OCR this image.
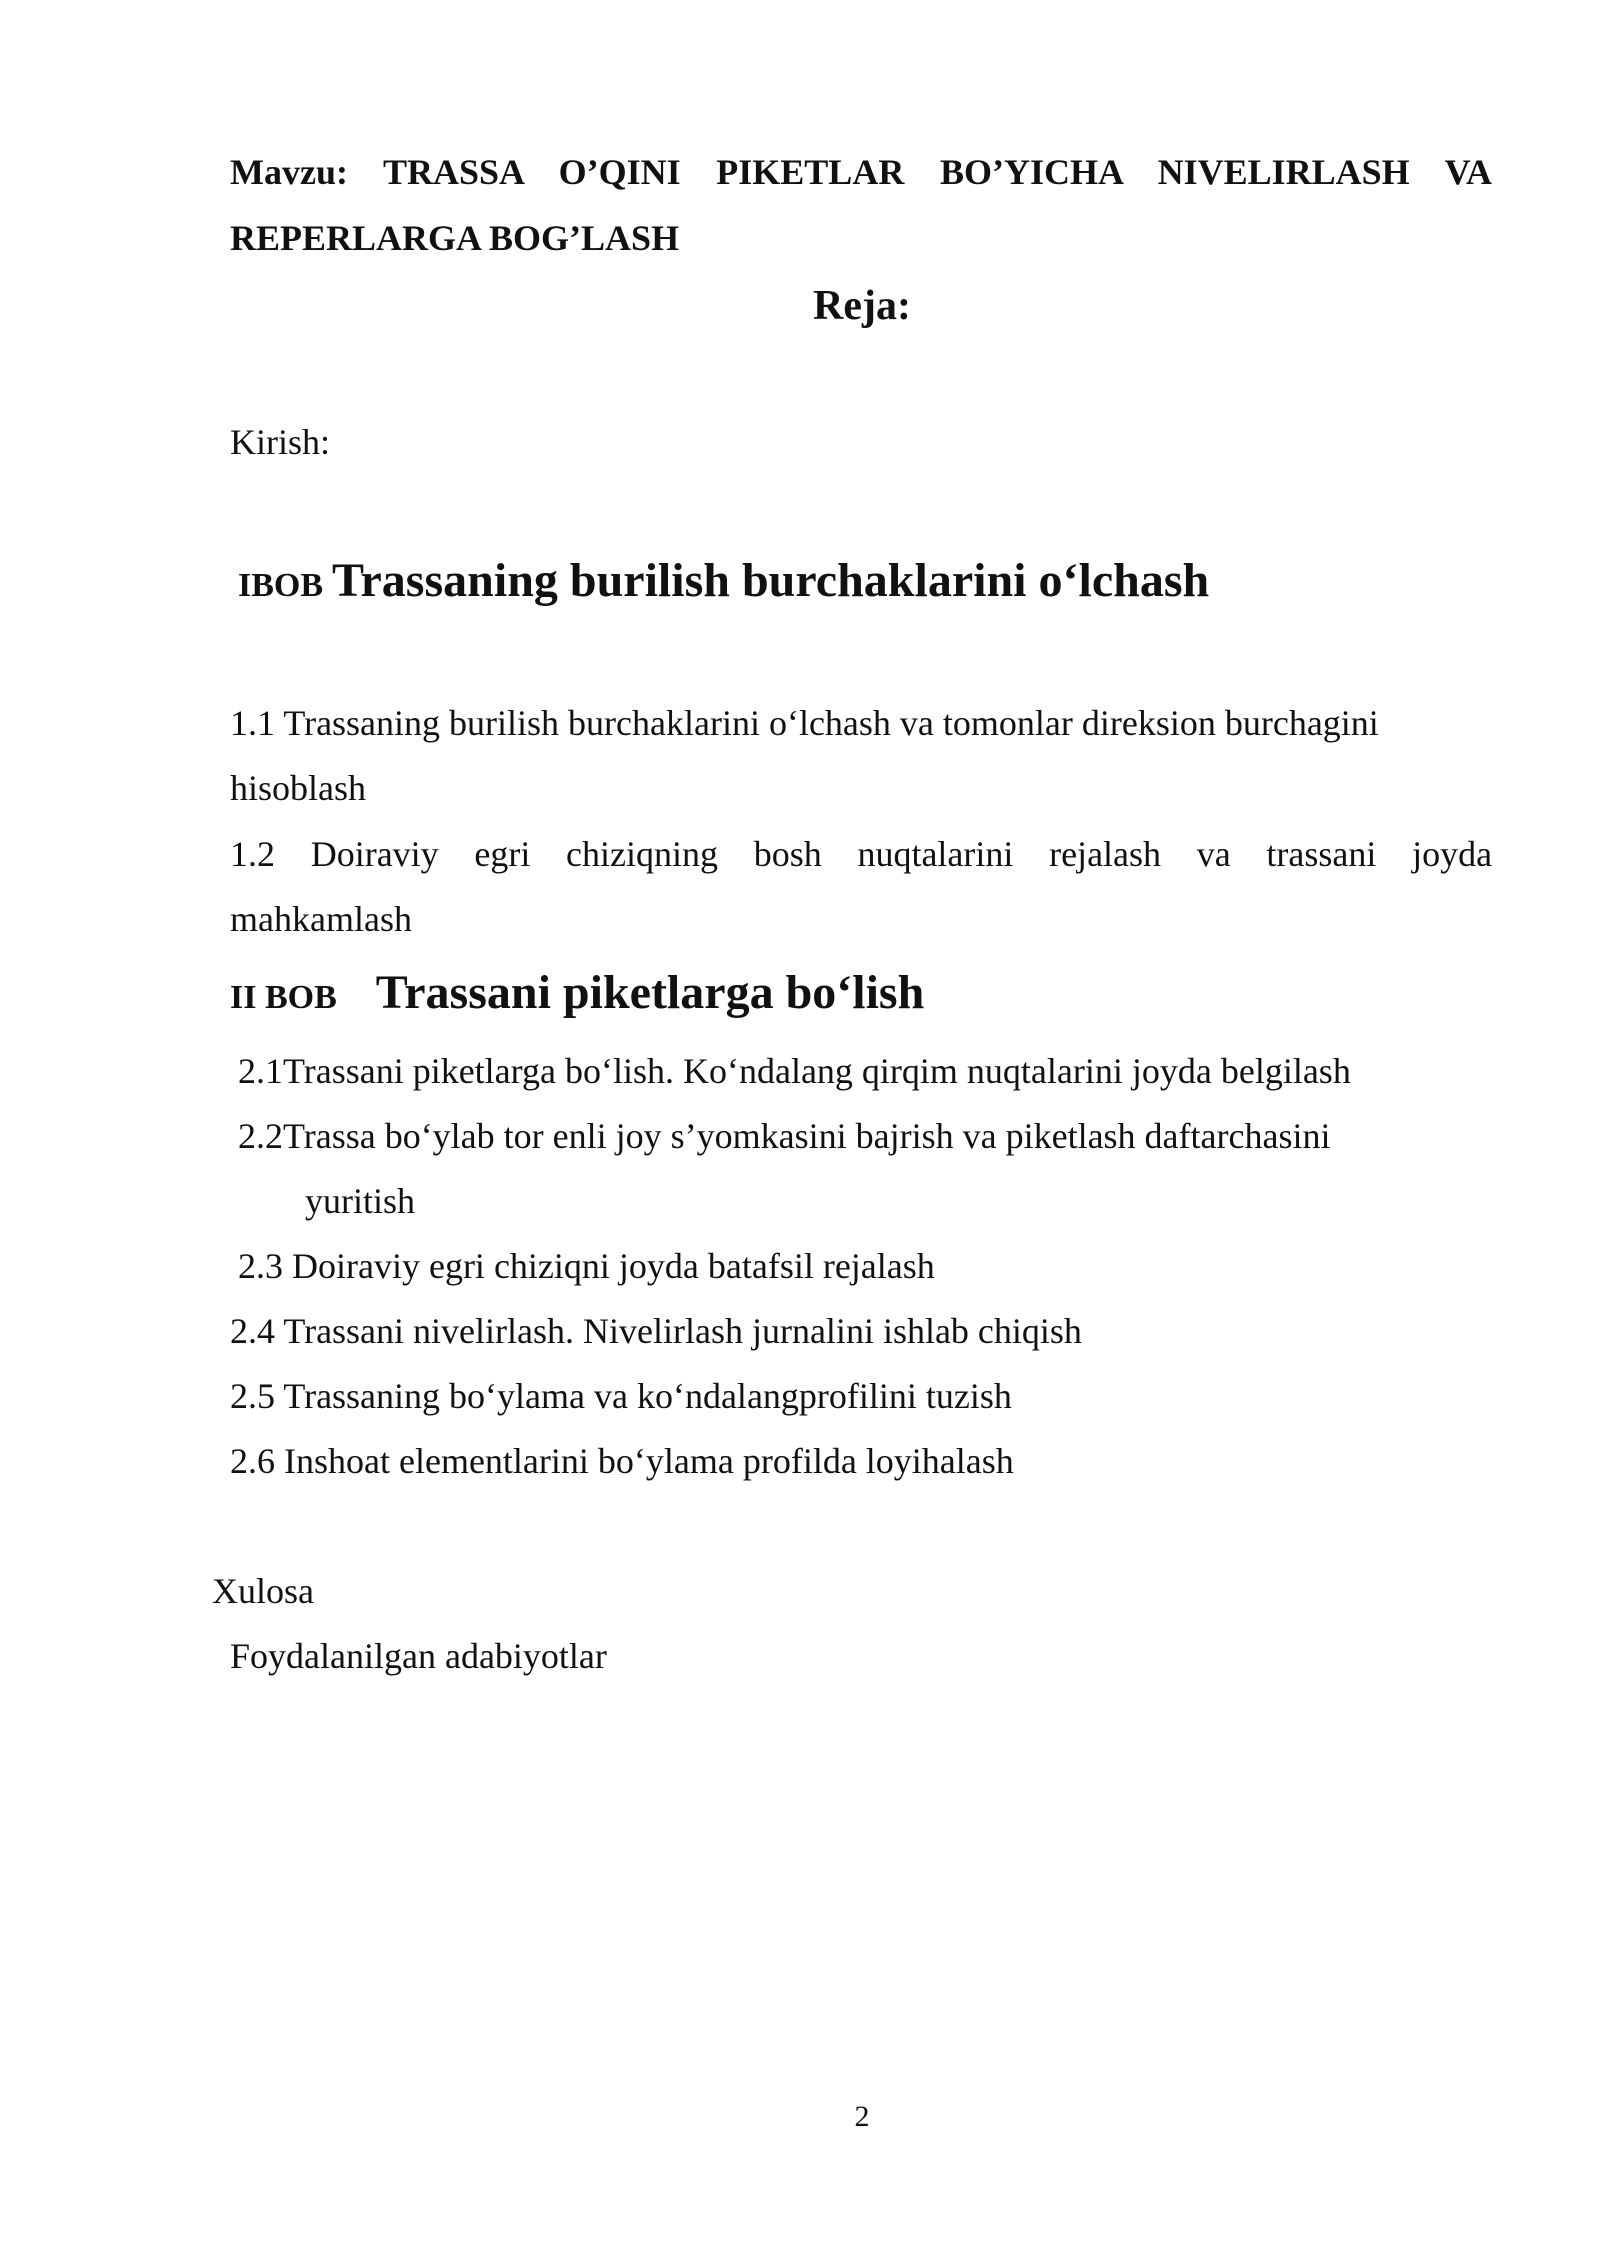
Mavzu: TRASSA O’QINI PIKETLAR BO’YICHA NIVELIRLASH VA
REPERLARGA BOG’LASH
Reja:
Kirish:
IBOB Trassaning burilish burchaklarini o‘lchash
1.1 Trassaning burilish burchaklarini o‘lchash va tomonlar direksion burchagini
hisoblash
1.2 Doiraviy egri chiziqning bosh nuqtalarini rejalash va trassani joyda
mahkamlash
II BOB Trassani piketlarga bo‘lish
2.1Trassani piketlarga bo‘lish. Ko‘ndalang qirqim nuqtalarini joyda belgilash
2.2Trassa bo‘ylab tor enli joy s’yomkasini bajrish va piketlash daftarchasini
yuritish
2.3 Doiraviy egri chiziqni joyda batafsil rejalash
2.4 Trassani nivelirlash. Nivelirlash jurnalini ishlab chiqish
2.5 Trassaning bo‘ylama va ko‘ndalangprofilini tuzish
2.6 Inshoat elementlarini bo‘ylama profilda loyihalash
Xulosa
Foydalanilgan adabiyotlar
2
